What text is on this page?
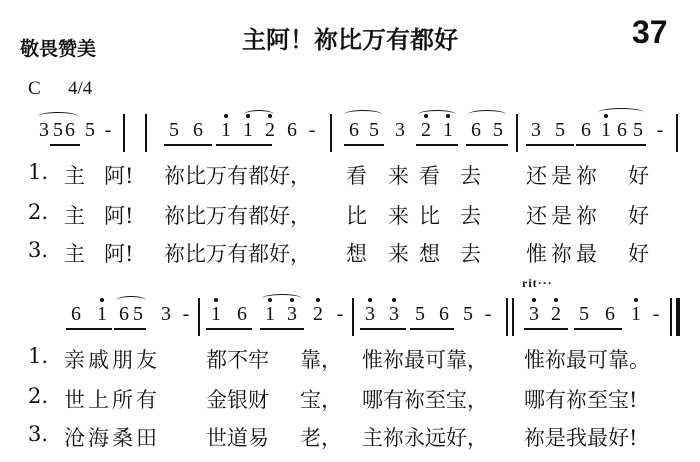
敬畏赞美	主阿！祢比万有都好	37
C 4/4
3 5 6 5 -	5 6 1 1 2 6 - 6 5 3 2 1 6 5 3 5 6 1 6 5 -
1. 主 阿! 祢比万有都好， 看 来看 去 还是祢 好
2. 主 阿! 祢比万有都好， 比 来比 去 还是祢 好
3. 主 阿! 祢比万有都好， 想 来想 去 惟祢最 好
rit···
6 1 6 5 3 - 1 6 1 3 2 - 3 3 5 6 5 - 3 2 5 6 1 -
1. 亲戚朋友 都不牢 靠， 惟祢最可靠， 惟祢最可靠。
2. 世上所有 金银财 宝， 哪有祢至宝， 哪有祢至宝!
3. 沧海桑田 世道易 老， 主祢永远好， 祢是我最好!
